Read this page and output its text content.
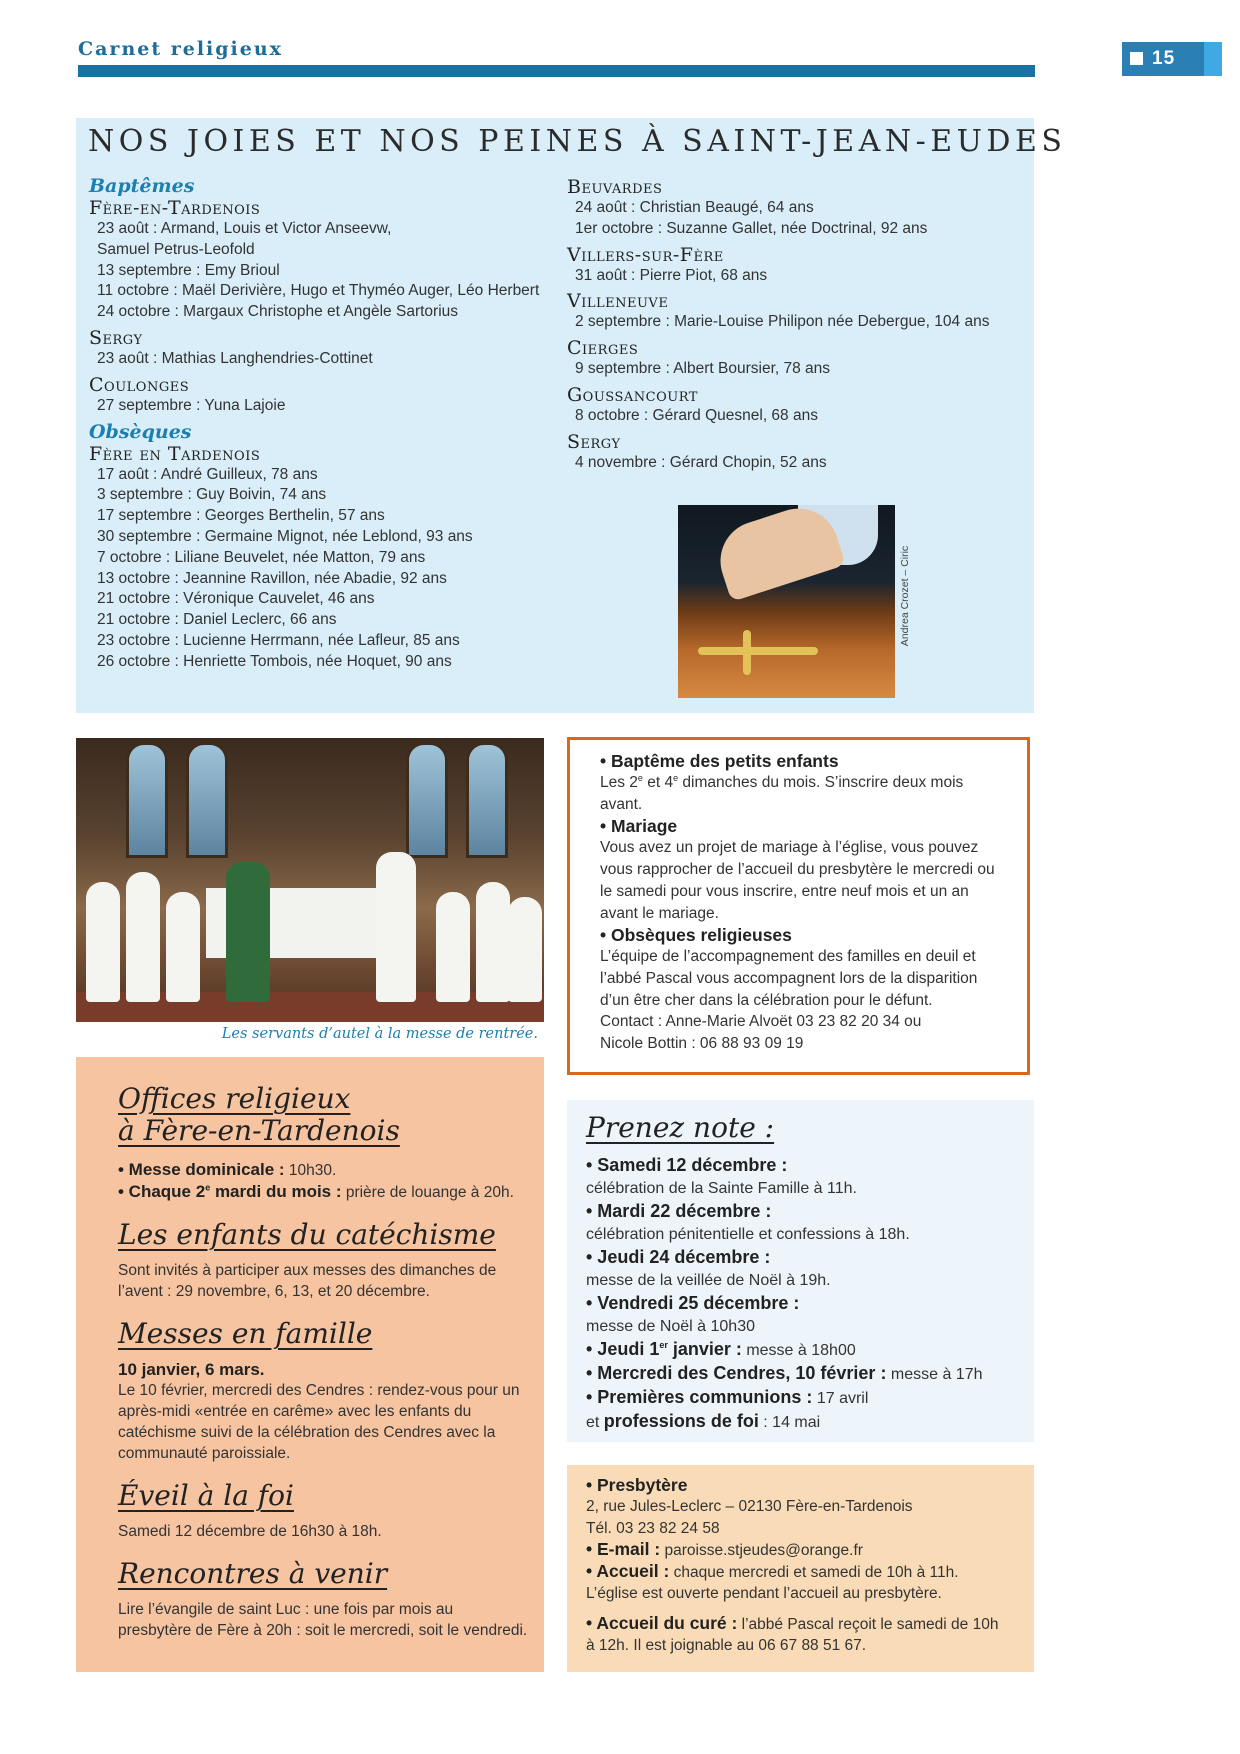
Carnet religieux	15
NOS JOIES ET NOS PEINES À SAINT-JEAN-EUDES
Baptêmes
Fère-en-Tardenois
23 août : Armand, Louis et Victor Anseevw,
Samuel Petrus-Leofold
13 septembre : Emy Brioul
11 octobre : Maël Derivière, Hugo et Thyméo Auger, Léo Herbert
24 octobre : Margaux Christophe et Angèle Sartorius
Sergy
23 août : Mathias Langhendries-Cottinet
Coulonges
27 septembre : Yuna Lajoie
Obsèques
Fère en Tardenois
17 août : André Guilleux, 78 ans
3 septembre : Guy Boivin, 74 ans
17 septembre : Georges Berthelin, 57 ans
30 septembre : Germaine Mignot, née Leblond, 93 ans
7 octobre : Liliane Beuvelet, née Matton, 79 ans
13 octobre : Jeannine Ravillon, née Abadie, 92 ans
21 octobre : Véronique Cauvelet, 46 ans
21 octobre : Daniel Leclerc, 66 ans
23 octobre : Lucienne Herrmann, née Lafleur, 85 ans
26 octobre : Henriette Tombois, née Hoquet, 90 ans
Beuvardes
24 août : Christian Beaugé, 64 ans
1er octobre : Suzanne Gallet, née Doctrinal, 92 ans
Villers-sur-Fère
31 août : Pierre Piot, 68 ans
Villeneuve
2 septembre : Marie-Louise Philipon née Debergue, 104 ans
Cierges
9 septembre : Albert Boursier, 78 ans
Goussancourt
8 octobre : Gérard Quesnel, 68 ans
Sergy
4 novembre : Gérard Chopin, 52 ans
Andrea Crozet – Ciric
Les servants d’autel à la messe de rentrée.
• Baptême des petits enfants
Les 2e et 4e dimanches du mois. S’inscrire deux mois avant.
• Mariage
Vous avez un projet de mariage à l’église, vous pouvez vous rapprocher de l’accueil du presbytère le mercredi ou le samedi pour vous inscrire, entre neuf mois et un an avant le mariage.
• Obsèques religieuses
L’équipe de l’accompagnement des familles en deuil et l’abbé Pascal vous accompagnent lors de la disparition d’un être cher dans la célébration pour le défunt.
Contact : Anne-Marie Alvoët 03 23 82 20 34 ou
Nicole Bottin : 06 88 93 09 19
Offices religieux
à Fère-en-Tardenois
• Messe dominicale : 10h30.
• Chaque 2e mardi du mois : prière de louange à 20h.
Les enfants du catéchisme
Sont invités à participer aux messes des dimanches de l’avent : 29 novembre, 6, 13, et 20 décembre.
Messes en famille
10 janvier, 6 mars.
Le 10 février, mercredi des Cendres : rendez-vous pour un après-midi «entrée en carême» avec les enfants du catéchisme suivi de la célébration des Cendres avec la communauté paroissiale.
Éveil à la foi
Samedi 12 décembre de 16h30 à 18h.
Rencontres à venir
Lire l’évangile de saint Luc : une fois par mois au presbytère de Fère à 20h : soit le mercredi, soit le vendredi.
Prenez note :
• Samedi 12 décembre :
célébration de la Sainte Famille à 11h.
• Mardi 22 décembre :
célébration pénitentielle et confessions à 18h.
• Jeudi 24 décembre :
messe de la veillée de Noël à 19h.
• Vendredi 25 décembre :
messe de Noël à 10h30
• Jeudi 1er janvier : messe à 18h00
• Mercredi des Cendres, 10 février : messe à 17h
• Premières communions : 17 avril
et professions de foi : 14 mai
• Presbytère
2, rue Jules-Leclerc – 02130 Fère-en-Tardenois
Tél. 03 23 82 24 58
• E-mail : paroisse.stjeudes@orange.fr
• Accueil : chaque mercredi et samedi de 10h à 11h.
L’église est ouverte pendant l’accueil au presbytère.
• Accueil du curé : l’abbé Pascal reçoit le samedi de 10h
à 12h. Il est joignable au 06 67 88 51 67.
